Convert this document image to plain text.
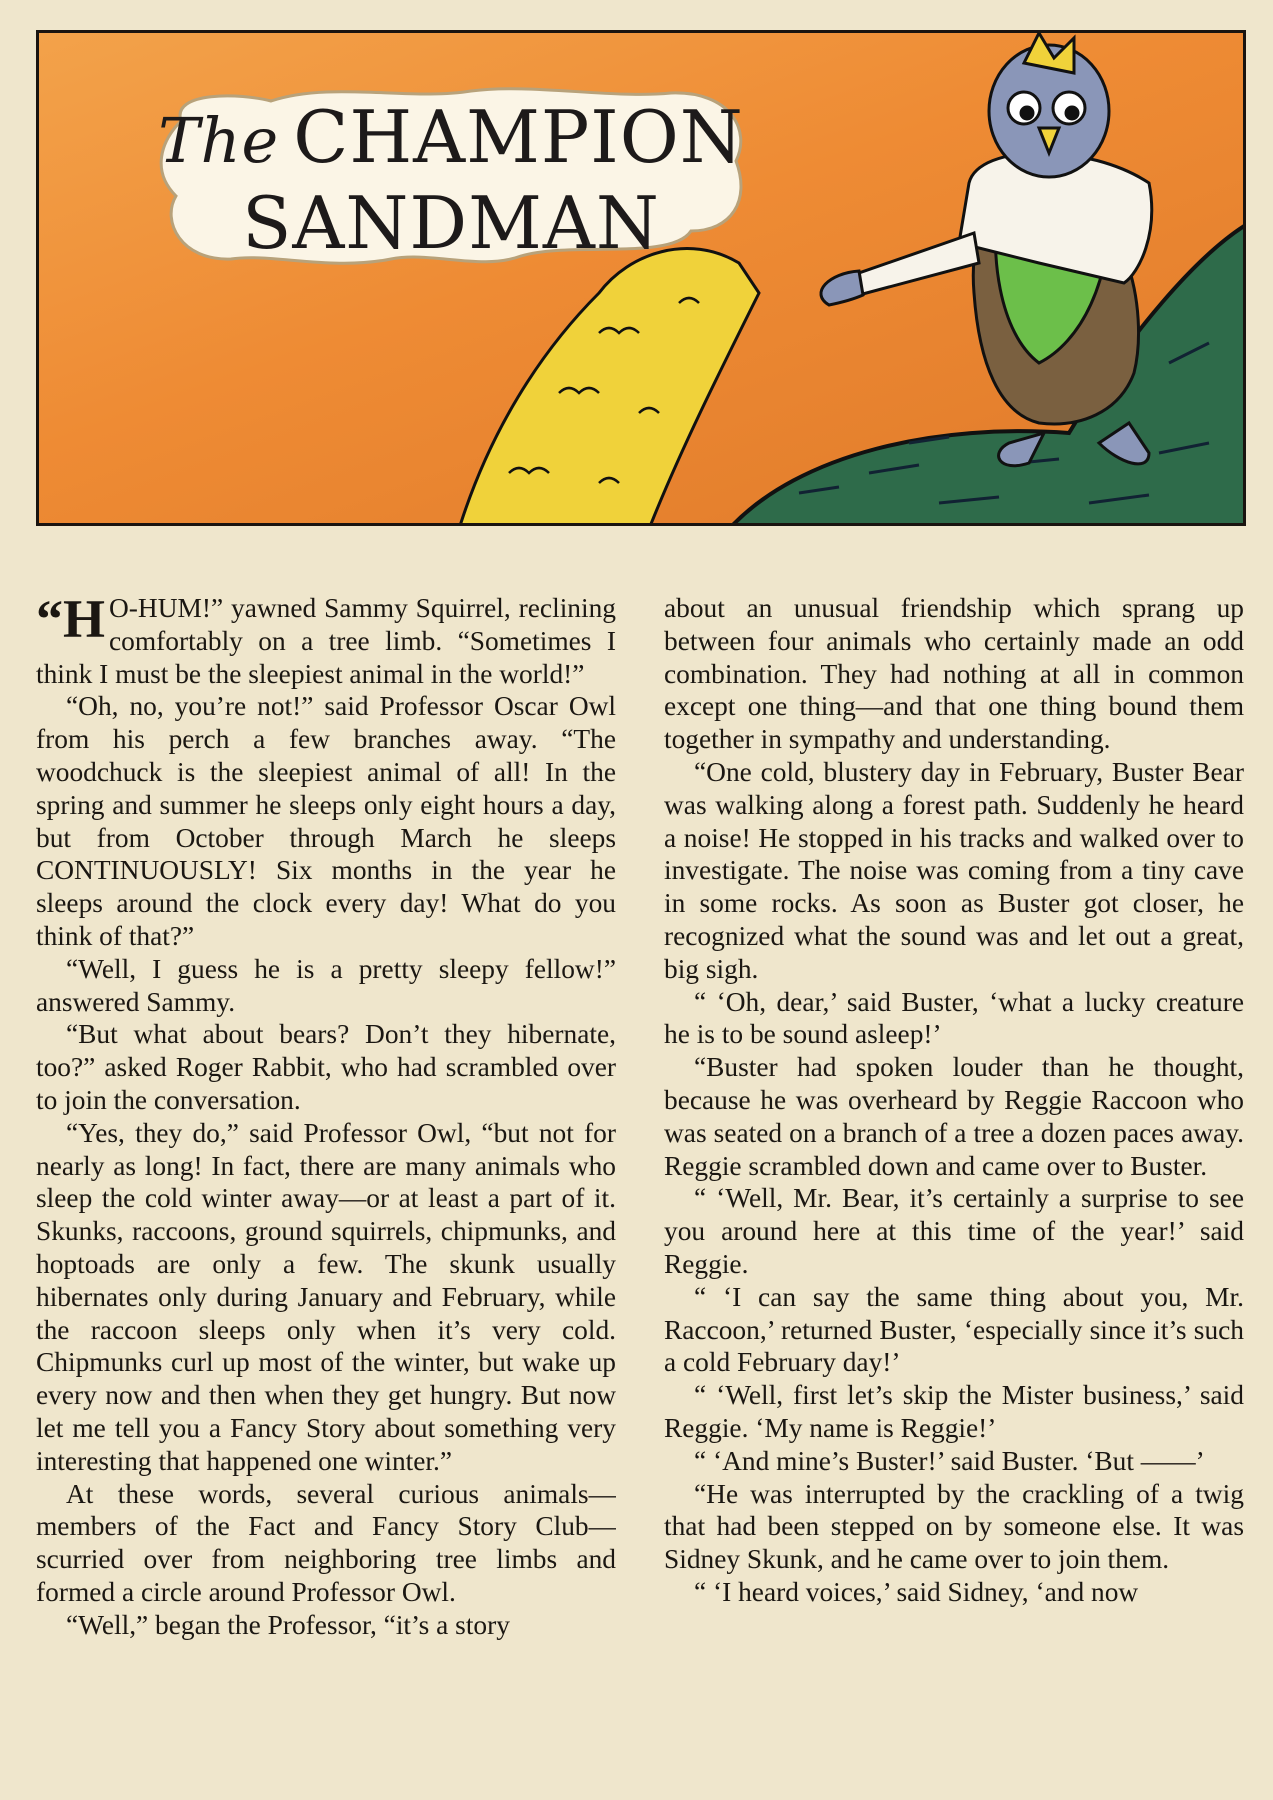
The CHAMPION
SANDMAN

“H O-HUM!” yawned Sammy Squirrel, reclining comfortably on a tree limb. “Sometimes I think I must be the sleepiest animal in the world!”

“Oh, no, you’re not!” said Professor Oscar Owl from his perch a few branches away. “The woodchuck is the sleepiest animal of all! In the spring and summer he sleeps only eight hours a day, but from October through March he sleeps CONTINUOUSLY! Six months in the year he sleeps around the clock every day! What do you think of that?”

“Well, I guess he is a pretty sleepy fellow!” answered Sammy.

“But what about bears? Don’t they hibernate, too?” asked Roger Rabbit, who had scrambled over to join the conversation.

“Yes, they do,” said Professor Owl, “but not for nearly as long! In fact, there are many animals who sleep the cold winter away—or at least a part of it. Skunks, raccoons, ground squirrels, chipmunks, and hoptoads are only a few. The skunk usually hibernates only during January and February, while the raccoon sleeps only when it’s very cold. Chipmunks curl up most of the winter, but wake up every now and then when they get hungry. But now let me tell you a Fancy Story about something very interesting that happened one winter.”

At these words, several curious animals—members of the Fact and Fancy Story Club—scurried over from neighboring tree limbs and formed a circle around Professor Owl.

“Well,” began the Professor, “it’s a story

about an unusual friendship which sprang up between four animals who certainly made an odd combination. They had nothing at all in common except one thing—and that one thing bound them together in sympathy and understanding.

“One cold, blustery day in February, Buster Bear was walking along a forest path. Suddenly he heard a noise! He stopped in his tracks and walked over to investigate. The noise was coming from a tiny cave in some rocks. As soon as Buster got closer, he recognized what the sound was and let out a great, big sigh.

“ ‘Oh, dear,’ said Buster, ‘what a lucky creature he is to be sound asleep!’

“Buster had spoken louder than he thought, because he was overheard by Reggie Raccoon who was seated on a branch of a tree a dozen paces away. Reggie scrambled down and came over to Buster.

“ ‘Well, Mr. Bear, it’s certainly a surprise to see you around here at this time of the year!’ said Reggie.

“ ‘I can say the same thing about you, Mr. Raccoon,’ returned Buster, ‘especially since it’s such a cold February day!’

“ ‘Well, first let’s skip the Mister business,’ said Reggie. ‘My name is Reggie!’

“ ‘And mine’s Buster!’ said Buster. ‘But ——’

“He was interrupted by the crackling of a twig that had been stepped on by someone else. It was Sidney Skunk, and he came over to join them.

“ ‘I heard voices,’ said Sidney, ‘and now
